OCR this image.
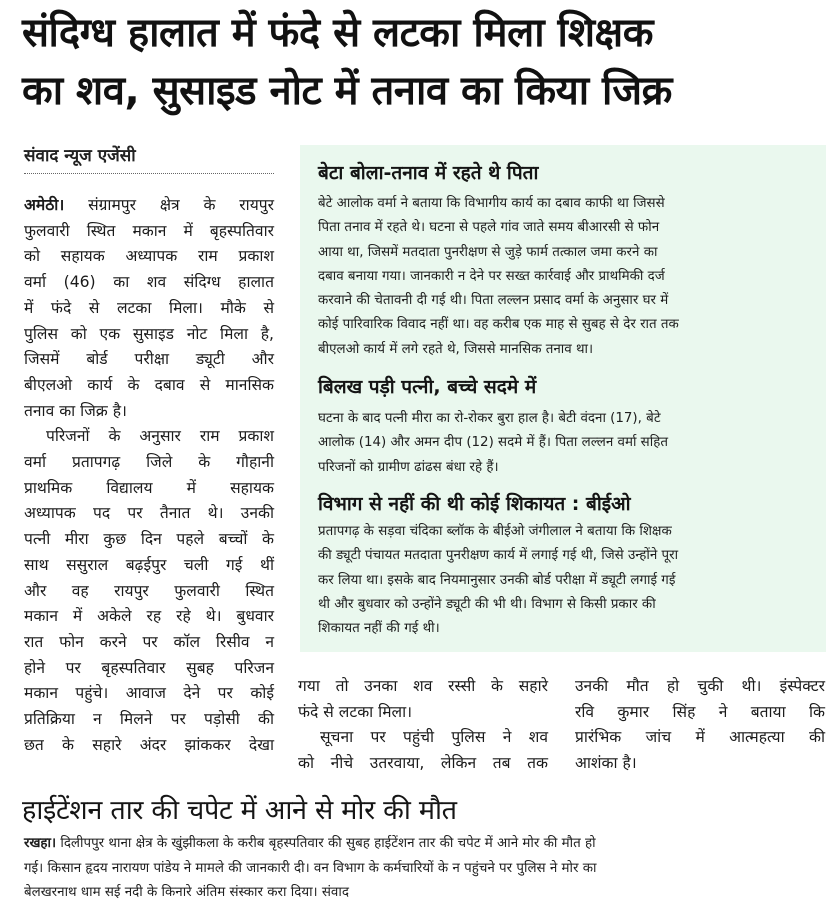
संदिग्ध हालात में फंदे से लटका मिला शिक्षक
का शव, सुसाइड नोट में तनाव का किया जिक्र
संवाद न्यूज एजेंसी
अमेठी। संग्रामपुर क्षेत्र के रायपुर
फुलवारी स्थित मकान में बृहस्पतिवार
को सहायक अध्यापक राम प्रकाश
वर्मा (46) का शव संदिग्ध हालात
में फंदे से लटका मिला। मौके से
पुलिस को एक सुसाइड नोट मिला है,
जिसमें बोर्ड परीक्षा ड्यूटी और
बीएलओ कार्य के दबाव से मानसिक
तनाव का जिक्र है।
परिजनों के अनुसार राम प्रकाश
वर्मा प्रतापगढ़ जिले के गौहानी
प्राथमिक विद्यालय में सहायक
अध्यापक पद पर तैनात थे। उनकी
पत्नी मीरा कुछ दिन पहले बच्चों के
साथ ससुराल बढ़ईपुर चली गई थीं
और वह रायपुर फुलवारी स्थित
मकान में अकेले रह रहे थे। बुधवार
रात फोन करने पर कॉल रिसीव न
होने पर बृहस्पतिवार सुबह परिजन
मकान पहुंचे। आवाज देने पर कोई
प्रतिक्रिया न मिलने पर पड़ोसी की
छत के सहारे अंदर झांककर देखा
बेटा बोला-तनाव में रहते थे पिता
बेटे आलोक वर्मा ने बताया कि विभागीय कार्य का दबाव काफी था जिससे
पिता तनाव में रहते थे। घटना से पहले गांव जाते समय बीआरसी से फोन
आया था, जिसमें मतदाता पुनरीक्षण से जुड़े फार्म तत्काल जमा करने का
दबाव बनाया गया। जानकारी न देने पर सख्त कार्रवाई और प्राथमिकी दर्ज
करवाने की चेतावनी दी गई थी। पिता लल्लन प्रसाद वर्मा के अनुसार घर में
कोई पारिवारिक विवाद नहीं था। वह करीब एक माह से सुबह से देर रात तक
बीएलओ कार्य में लगे रहते थे, जिससे मानसिक तनाव था।
बिलख पड़ी पत्नी, बच्चे सदमे में
घटना के बाद पत्नी मीरा का रो-रोकर बुरा हाल है। बेटी वंदना (17), बेटे
आलोक (14) और अमन दीप (12) सदमे में हैं। पिता लल्लन वर्मा सहित
परिजनों को ग्रामीण ढांढस बंधा रहे हैं।
विभाग से नहीं की थी कोई शिकायत : बीईओ
प्रतापगढ़ के सड़वा चंदिका ब्लॉक के बीईओ जंगीलाल ने बताया कि शिक्षक
की ड्यूटी पंचायत मतदाता पुनरीक्षण कार्य में लगाई गई थी, जिसे उन्होंने पूरा
कर लिया था। इसके बाद नियमानुसार उनकी बोर्ड परीक्षा में ड्यूटी लगाई गई
थी और बुधवार को उन्होंने ड्यूटी की भी थी। विभाग से किसी प्रकार की
शिकायत नहीं की गई थी।
गया तो उनका शव रस्सी के सहारे
फंदे से लटका मिला।
सूचना पर पहुंची पुलिस ने शव
को नीचे उतरवाया, लेकिन तब तक
उनकी मौत हो चुकी थी। इंस्पेक्टर
रवि कुमार सिंह ने बताया कि
प्रारंभिक जांच में आत्महत्या की
आशंका है।
हाईटेंशन तार की चपेट में आने से मोर की मौत
रखहा। दिलीपपुर थाना क्षेत्र के खुंझीकला के करीब बृहस्पतिवार की सुबह हाईटेंशन तार की चपेट में आने मोर की मौत हो
गई। किसान हृदय नारायण पांडेय ने मामले की जानकारी दी। वन विभाग के कर्मचारियों के न पहुंचने पर पुलिस ने मोर का
बेलखरनाथ धाम सई नदी के किनारे अंतिम संस्कार करा दिया। संवाद
